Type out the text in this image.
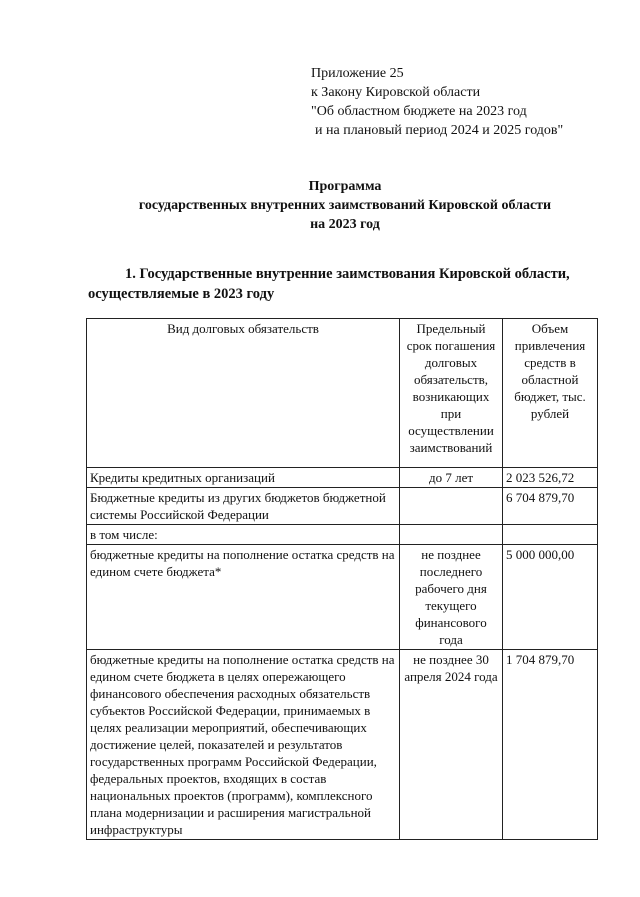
Приложение 25
к Закону Кировской области
"Об областном бюджете на 2023 год
и на плановый период 2024 и 2025 годов"
Программа
государственных внутренних заимствований Кировской области
на 2023 год
1. Государственные внутренние заимствования Кировской области,
осуществляемые в 2023 году
Вид долговых обязательств	Предельный срок погашения долговых обязательств, возникающих при осуществлении заимствований	Объем привлечения средств в областной бюджет, тыс. рублей
Кредиты кредитных организаций	до 7 лет	2 023 526,72
Бюджетные кредиты из других бюджетов бюджетной системы Российской Федерации		6 704 879,70
в том числе:		
бюджетные кредиты на пополнение остатка средств на едином счете бюджета*	не позднее последнего рабочего дня текущего финансового года	5 000 000,00
бюджетные кредиты на пополнение остатка средств на едином счете бюджета в целях опережающего финансового обеспечения расходных обязательств субъектов Российской Федерации, принимаемых в целях реализации мероприятий, обеспечивающих достижение целей, показателей и результатов государственных программ Российской Федерации, федеральных проектов, входящих в состав национальных проектов (программ), комплексного плана модернизации и расширения магистральной инфраструктуры	не позднее 30 апреля 2024 года	1 704 879,70
